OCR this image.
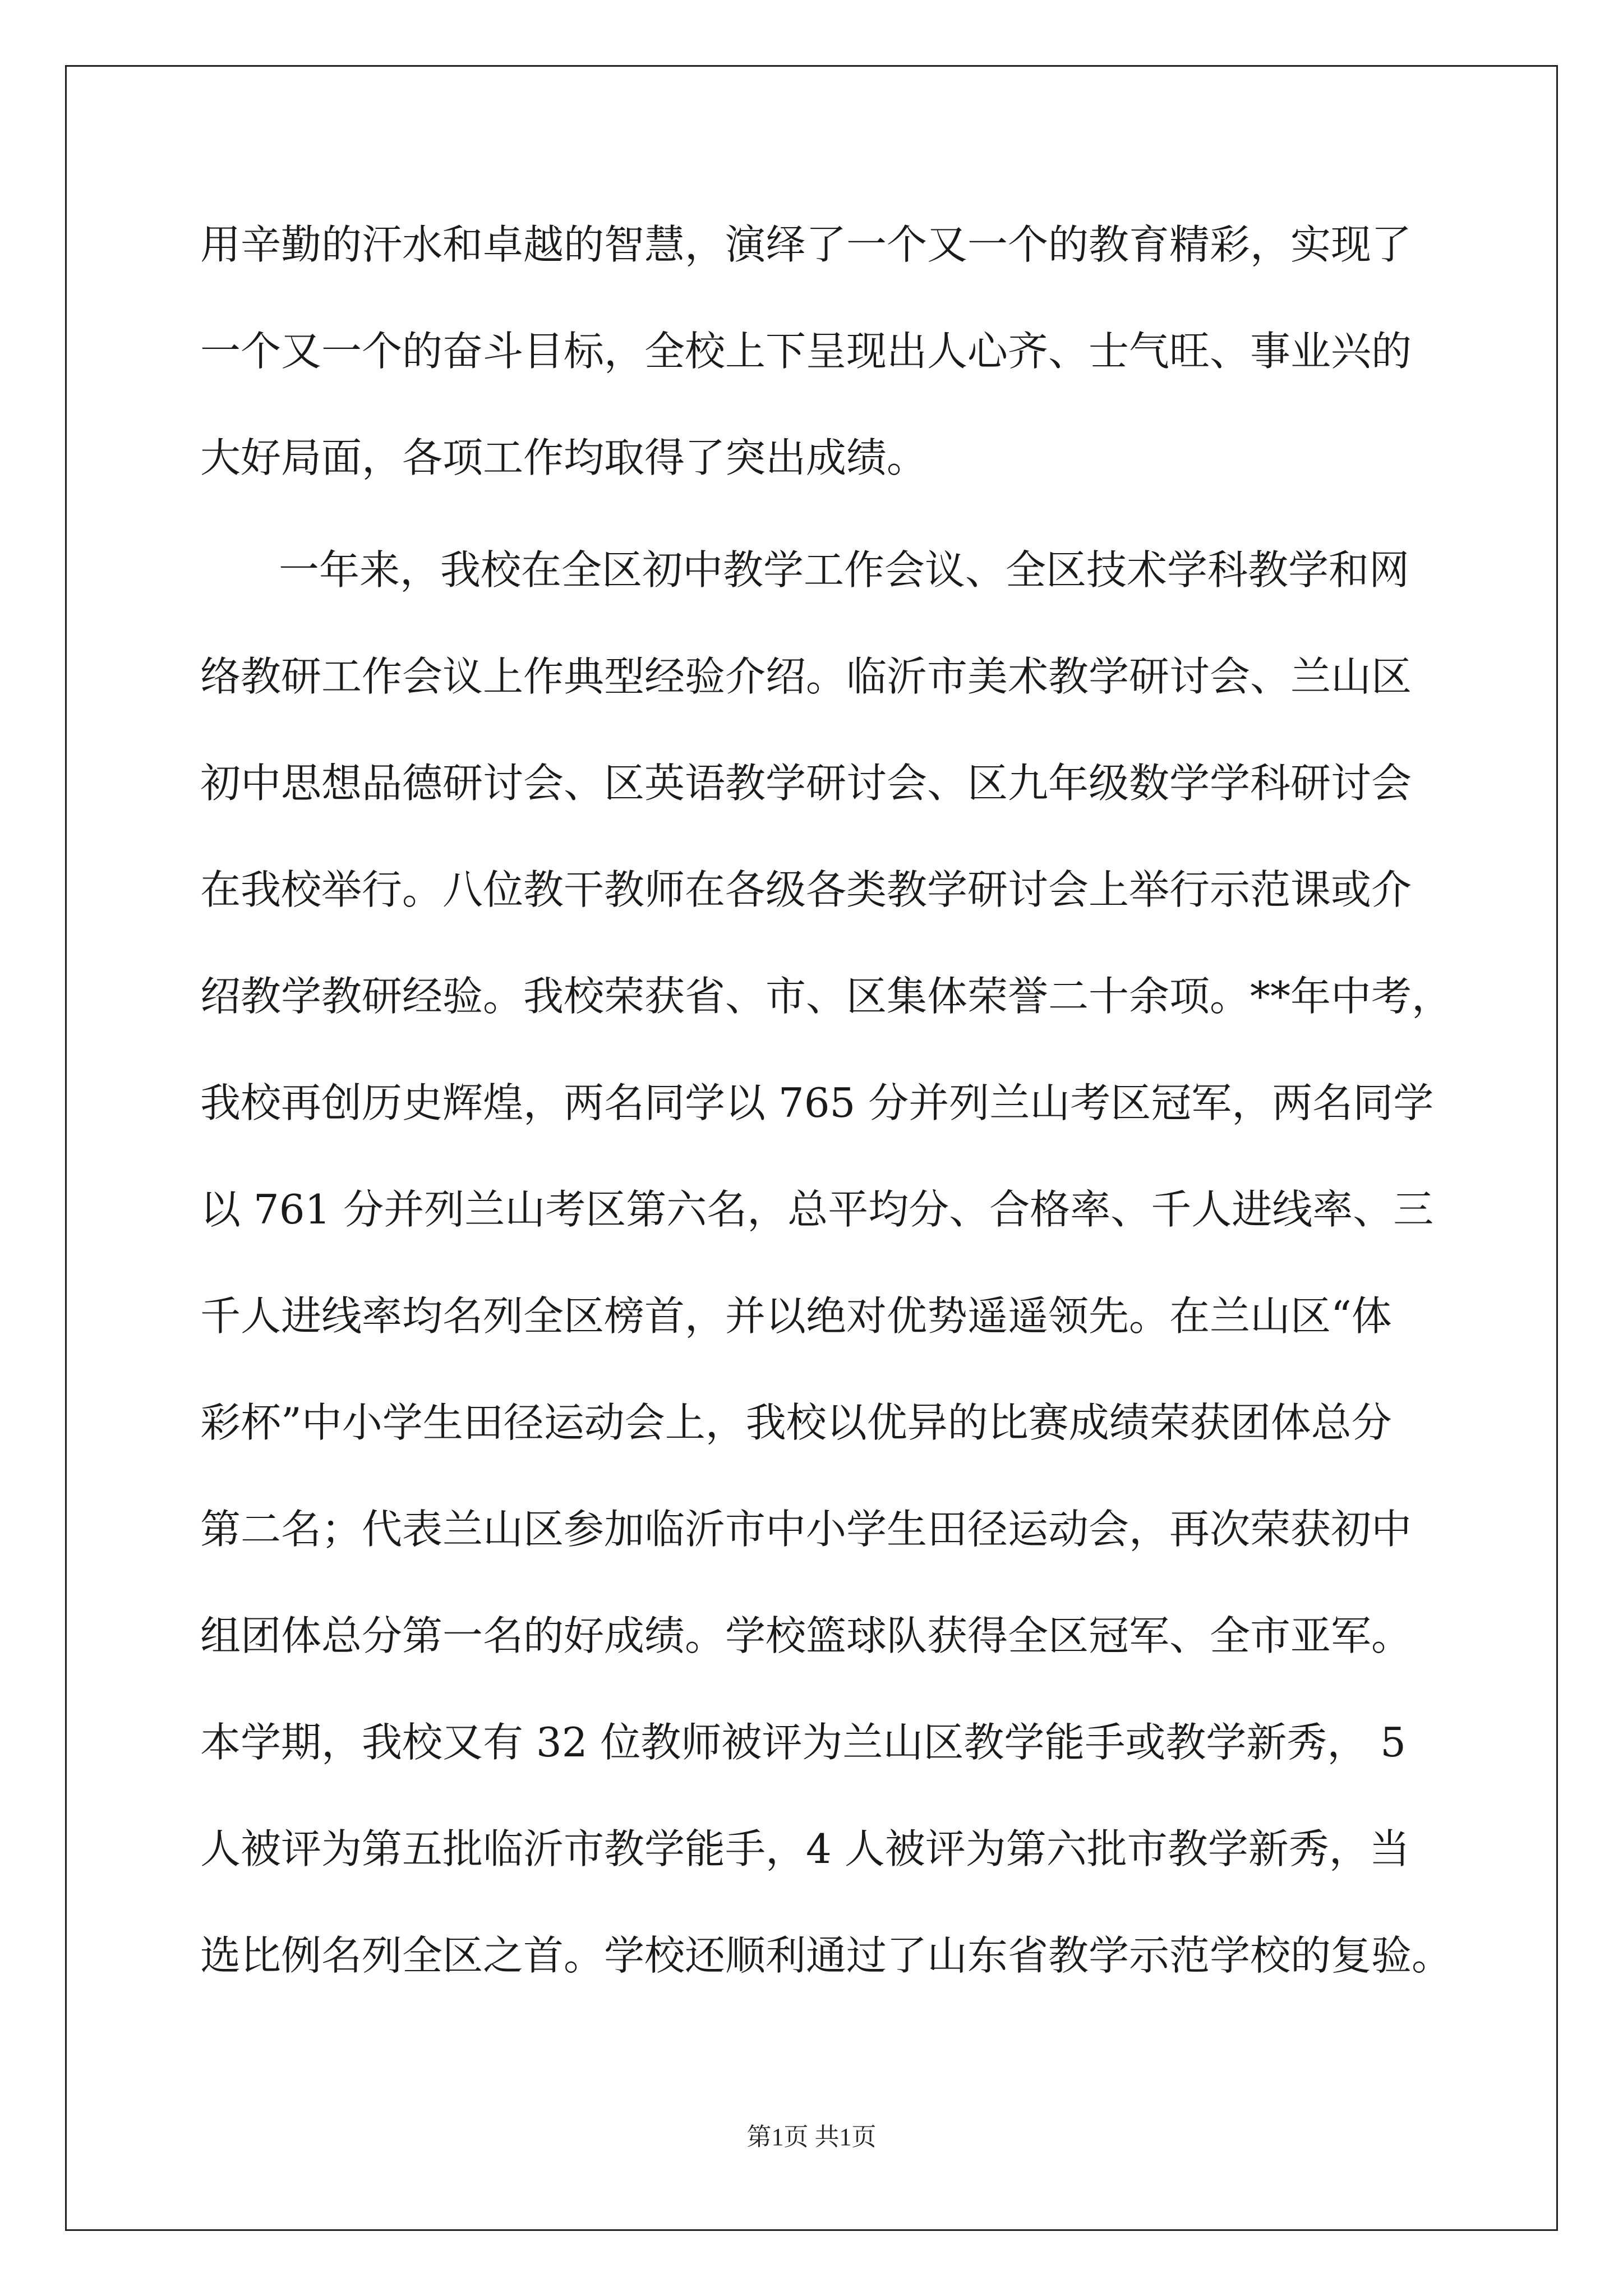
用辛勤的汗水和卓越的智慧，演绎了一个又一个的教育精彩，实现了
一个又一个的奋斗目标，全校上下呈现出人心齐、士气旺、事业兴的
大好局面，各项工作均取得了突出成绩。
一年来，我校在全区初中教学工作会议、全区技术学科教学和网
络教研工作会议上作典型经验介绍。临沂市美术教学研讨会、兰山区
初中思想品德研讨会、区英语教学研讨会、区九年级数学学科研讨会
在我校举行。八位教干教师在各级各类教学研讨会上举行示范课或介
绍教学教研经验。我校荣获省、市、区集体荣誉二十余项。**年中考，
我校再创历史辉煌，两名同学以 765 分并列兰山考区冠军，两名同学
以 761 分并列兰山考区第六名，总平均分、合格率、千人进线率、三
千人进线率均名列全区榜首，并以绝对优势遥遥领先。在兰山区“体
彩杯”中小学生田径运动会上，我校以优异的比赛成绩荣获团体总分
第二名；代表兰山区参加临沂市中小学生田径运动会，再次荣获初中
组团体总分第一名的好成绩。学校篮球队获得全区冠军、全市亚军。
本学期，我校又有 32 位教师被评为兰山区教学能手或教学新秀， 5
人被评为第五批临沂市教学能手，4 人被评为第六批市教学新秀，当
选比例名列全区之首。学校还顺利通过了山东省教学示范学校的复验。
第1页 共1页
